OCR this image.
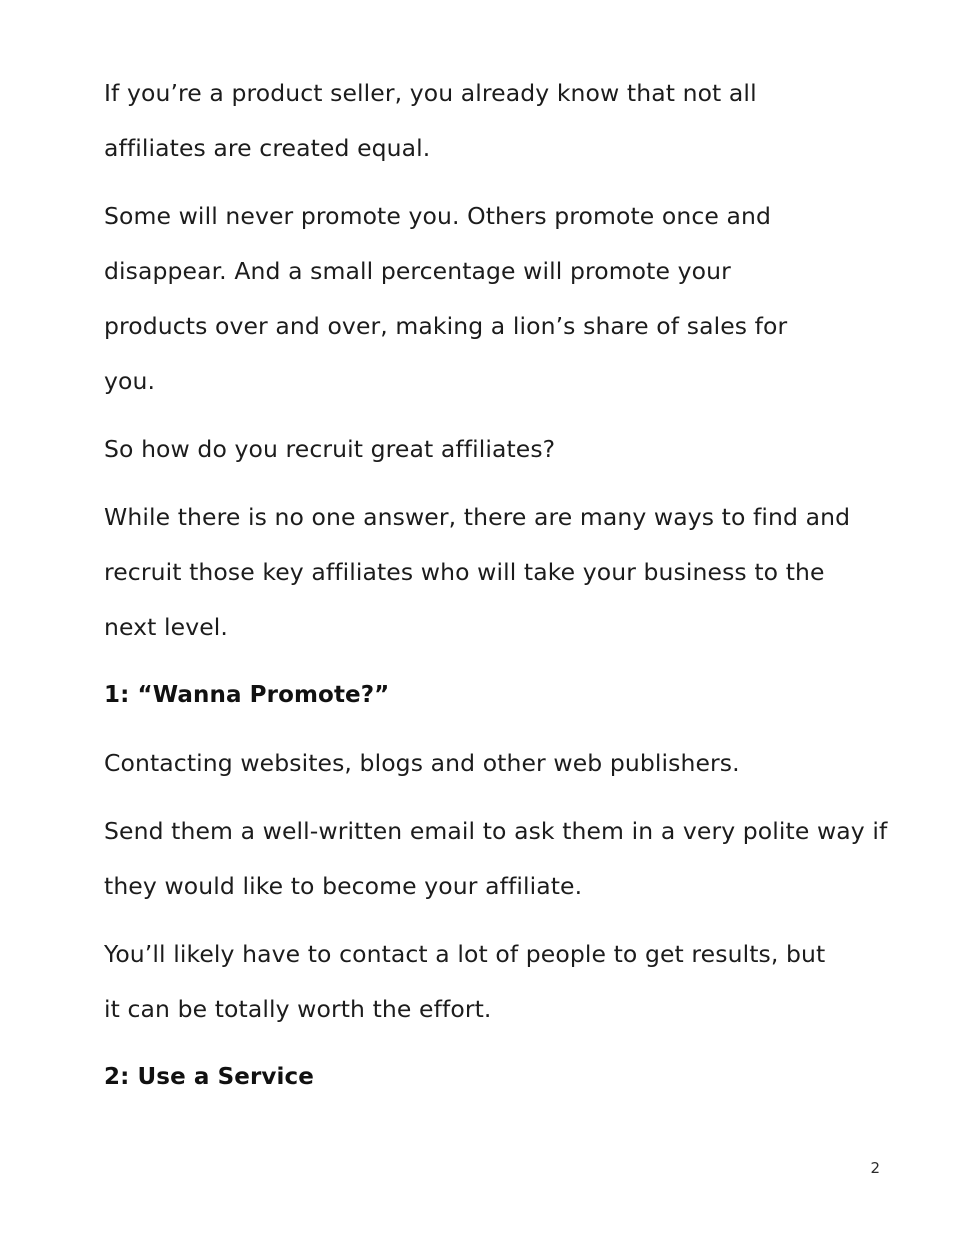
If you’re a product seller, you already know that not all affiliates are created equal.

Some will never promote you. Others promote once and disappear. And a small percentage will promote your products over and over, making a lion’s share of sales for you.

So how do you recruit great affiliates?

While there is no one answer, there are many ways to find and recruit those key affiliates who will take your business to the next level.

1: “Wanna Promote?”

Contacting websites, blogs and other web publishers.

Send them a well-written email to ask them in a very polite way if they would like to become your affiliate.

You’ll likely have to contact a lot of people to get results, but it can be totally worth the effort.

2: Use a Service

2
